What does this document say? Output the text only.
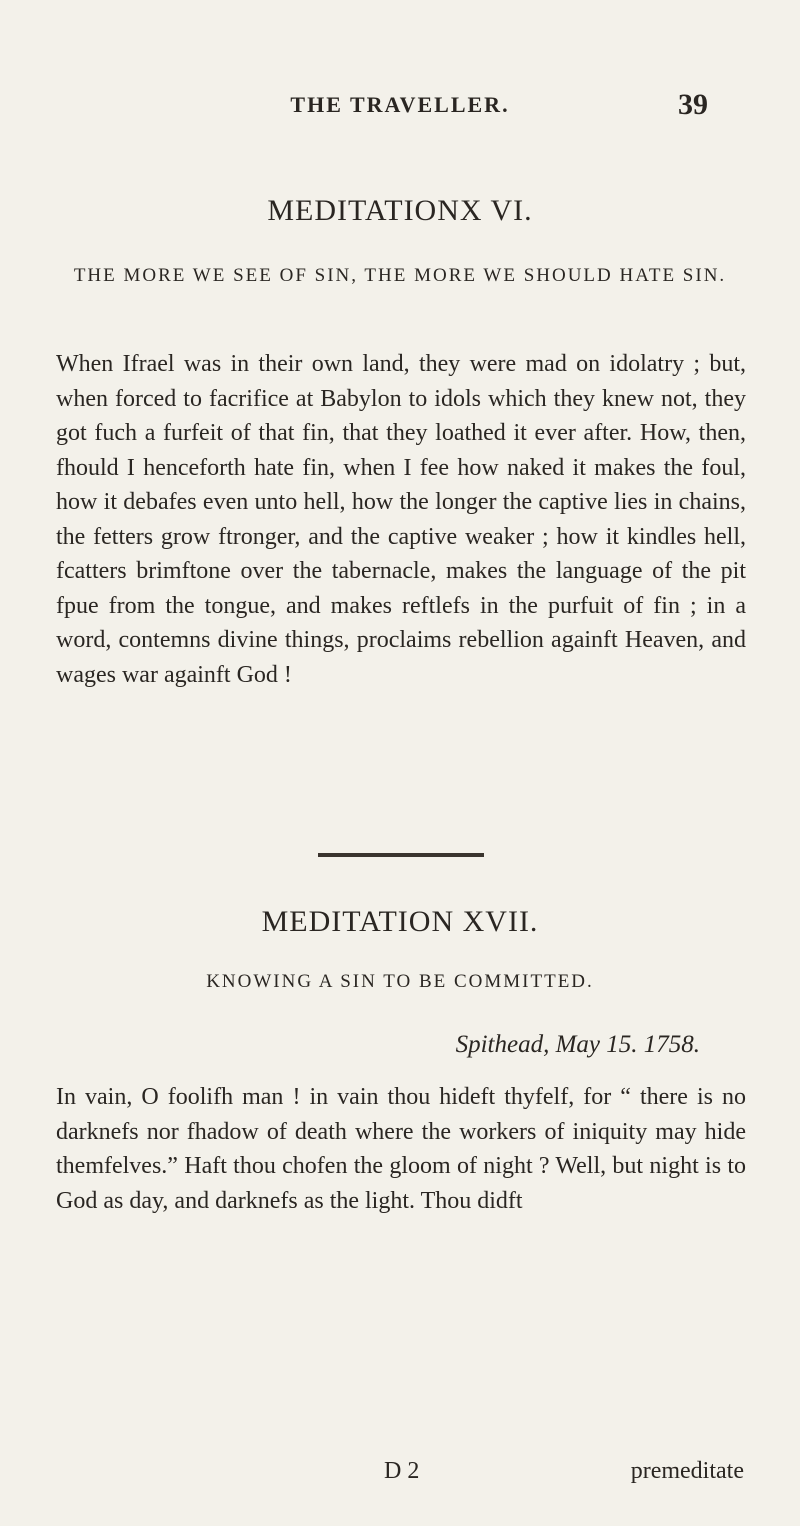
THE TRAVELLER.	39
MEDITATIONX VI.
THE MORE WE SEE OF SIN, THE MORE WE SHOULD HATE SIN.

When Ifrael was in their own land, they were mad on idolatry ; but, when forced to facrifice at Babylon to idols which they knew not, they got fuch a furfeit of that fin, that they loathed it ever after. How, then, fhould I henceforth hate fin, when I fee how naked it makes the foul, how it debafes even unto hell, how the longer the captive lies in chains, the fetters grow ftronger, and the captive weaker ; how it kindles hell, fcatters brimftone over the tabernacle, makes the language of the pit fpue from the tongue, and makes reftlefs in the purfuit of fin ; in a word, contemns divine things, proclaims rebellion againft Heaven, and wages war againft God !

MEDITATION XVII.
KNOWING A SIN TO BE COMMITTED.
Spithead, May 15. 1758.

In vain, O foolifh man ! in vain thou hideft thyfelf, for “ there is no darknefs nor fhadow of death where the workers of iniquity may hide themfelves.” Haft thou chofen the gloom of night ? Well, but night is to God as day, and darknefs as the light. Thou didft

D 2	premeditate
